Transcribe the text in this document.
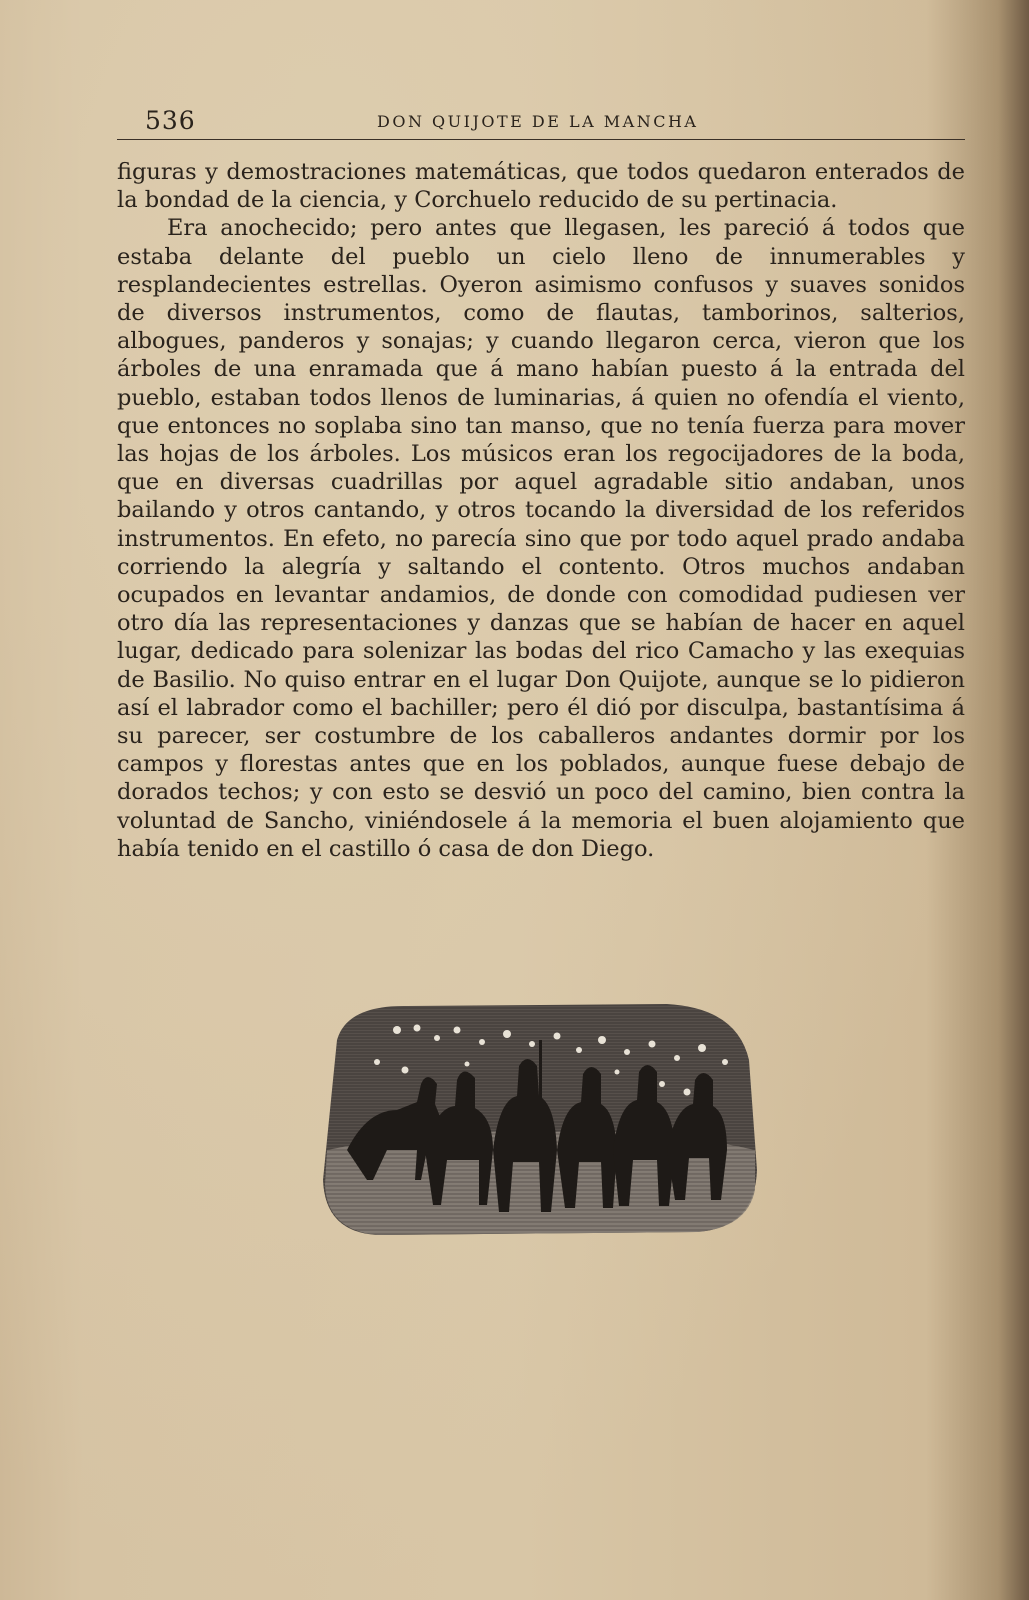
536	DON QUIJOTE DE LA MANCHA

figuras y demostraciones matemáticas, que todos quedaron enterados de la bondad de la ciencia, y Corchuelo reducido de su pertinacia.

Era anochecido; pero antes que llegasen, les pareció á todos que estaba delante del pueblo un cielo lleno de innumerables y resplandecientes estrellas. Oyeron asimismo confusos y suaves sonidos de diversos instrumentos, como de flautas, tamborinos, salterios, albogues, panderos y sonajas; y cuando llegaron cerca, vieron que los árboles de una enramada que á mano habían puesto á la entrada del pueblo, estaban todos llenos de luminarias, á quien no ofendía el viento, que entonces no soplaba sino tan manso, que no tenía fuerza para mover las hojas de los árboles. Los músicos eran los regocijadores de la boda, que en diversas cuadrillas por aquel agradable sitio andaban, unos bailando y otros cantando, y otros tocando la diversidad de los referidos instrumentos. En efeto, no parecía sino que por todo aquel prado andaba corriendo la alegría y saltando el contento. Otros muchos andaban ocupados en levantar andamios, de donde con comodidad pudiesen ver otro día las representaciones y danzas que se habían de hacer en aquel lugar, dedicado para solenizar las bodas del rico Camacho y las exequias de Basilio. No quiso entrar en el lugar Don Quijote, aunque se lo pidieron así el labrador como el bachiller; pero él dió por disculpa, bastantísima á su parecer, ser costumbre de los caballeros andantes dormir por los campos y florestas antes que en los poblados, aunque fuese debajo de dorados techos; y con esto se desvió un poco del camino, bien contra la voluntad de Sancho, viniéndosele á la memoria el buen alojamiento que había tenido en el castillo ó casa de don Diego.
